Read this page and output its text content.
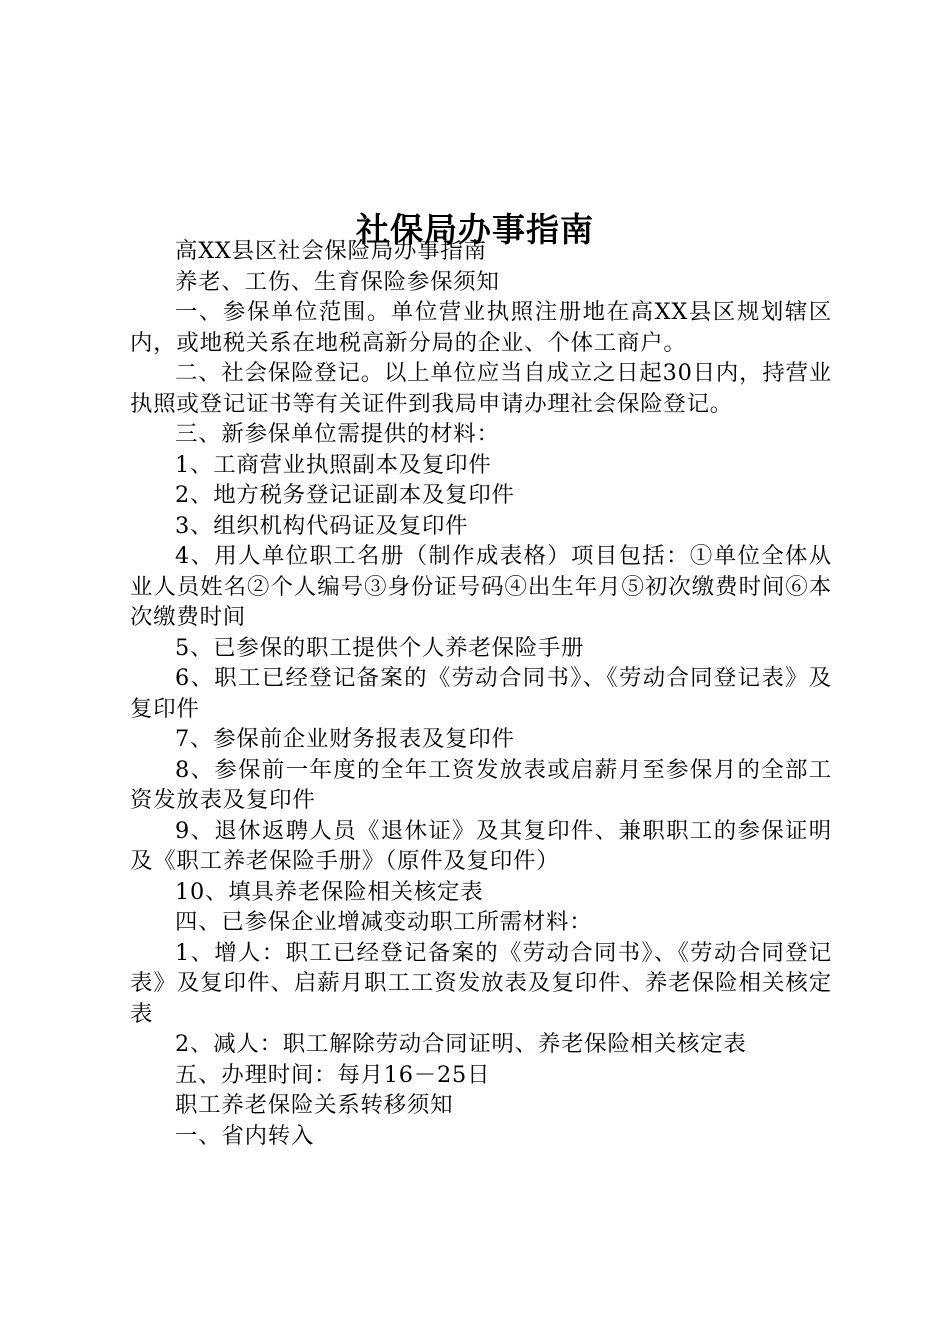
社保局办事指南

高XX县区社会保险局办事指南

养老、工伤、生育保险参保须知

一、参保单位范围。单位营业执照注册地在高XX县区规划辖区内，或地税关系在地税高新分局的企业、个体工商户。

二、社会保险登记。以上单位应当自成立之日起30日内，持营业执照或登记证书等有关证件到我局申请办理社会保险登记。

三、新参保单位需提供的材料：

1、工商营业执照副本及复印件

2、地方税务登记证副本及复印件

3、组织机构代码证及复印件

4、用人单位职工名册（制作成表格）项目包括：①单位全体从业人员姓名②个人编号③身份证号码④出生年月⑤初次缴费时间⑥本次缴费时间

5、已参保的职工提供个人养老保险手册

6、职工已经登记备案的《劳动合同书》、《劳动合同登记表》及复印件

7、参保前企业财务报表及复印件

8、参保前一年度的全年工资发放表或启薪月至参保月的全部工资发放表及复印件

9、退休返聘人员《退休证》及其复印件、兼职职工的参保证明及《职工养老保险手册》（原件及复印件）

10、填具养老保险相关核定表

四、已参保企业增减变动职工所需材料：

1、增人：职工已经登记备案的《劳动合同书》、《劳动合同登记表》及复印件、启薪月职工工资发放表及复印件、养老保险相关核定表

2、减人：职工解除劳动合同证明、养老保险相关核定表

五、办理时间：每月16－25日

职工养老保险关系转移须知

一、省内转入
